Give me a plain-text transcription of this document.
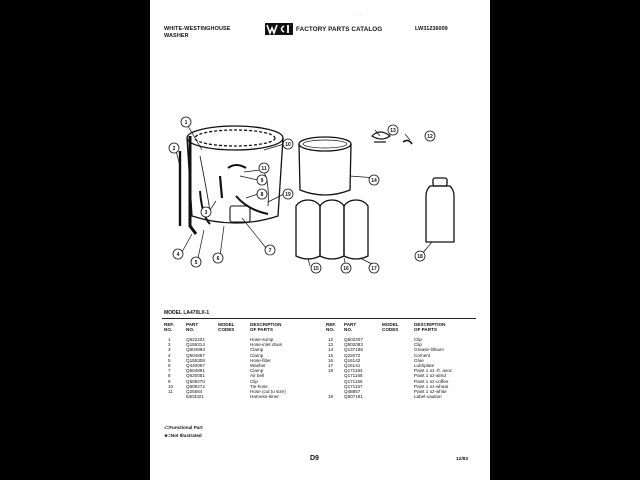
· · ·
WHITE-WESTINGHOUSE
WASHER
FACTORY PARTS CATALOG	LW31236009
1
2
3
4
5
6
7
8
9
10
11
12
13
14
15	16	17
18
19
MODEL LA470LX-1
REF.
NO.
PART
NO.
MODEL
CODES
DESCRIPTION
OF PARTS
1	Q622201	Hose-sump
2	Q155314	Hose-inlet drain
3	Q504893	Clamp
4	Q504897	Clamp
5	Q155308	Hose-filter
6	Q440067	Washer
7	Q504891	Clamp
8	Q620051	Air bell
9	Q509270	Clip
10	Q509272	Tie-hose
11	Q25564	Hose (cut to size)
5303321	Harness-timer
REF.
NO.
PART
NO.
MODEL
CODES
DESCRIPTION
OF PARTS
12 Q502207	Clip
13 Q502083	Clip
14 Q137186	Grease-lithium
15 Q22072	Cement
16 Q16142	Glue
17 Q16141	Lubriplate
18 Q171184	Paint 1 oz.-fr. avoc
Q171165	Paint 1 oz-almd
Q171155	Paint 1 oz-coffee
Q171157	Paint 1 oz-wheat
Q48857	Paint 1 oz-white
19 Q507181	Label-caution
√=Functional Part
★=Not Illustrated
D9	12/83
